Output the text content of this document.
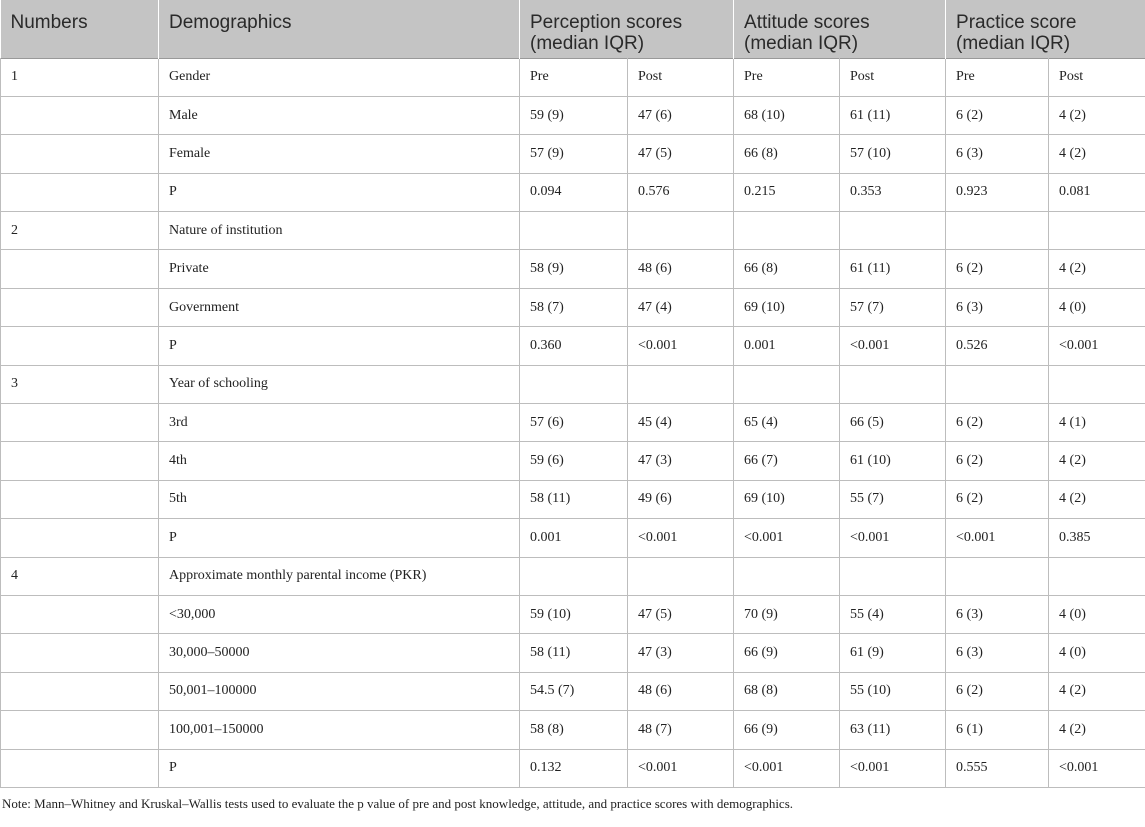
Numbers	Demographics	Perception scores (median IQR)		Attitude scores (median IQR)		Practice score (median IQR)	
1	Gender	Pre	Post	Pre	Post	Pre	Post
	Male	59 (9)	47 (6)	68 (10)	61 (11)	6 (2)	4 (2)
	Female	57 (9)	47 (5)	66 (8)	57 (10)	6 (3)	4 (2)
	P	0.094	0.576	0.215	0.353	0.923	0.081
2	Nature of institution						
	Private	58 (9)	48 (6)	66 (8)	61 (11)	6 (2)	4 (2)
	Government	58 (7)	47 (4)	69 (10)	57 (7)	6 (3)	4 (0)
	P	0.360	<0.001	0.001	<0.001	0.526	<0.001
3	Year of schooling						
	3rd	57 (6)	45 (4)	65 (4)	66 (5)	6 (2)	4 (1)
	4th	59 (6)	47 (3)	66 (7)	61 (10)	6 (2)	4 (2)
	5th	58 (11)	49 (6)	69 (10)	55 (7)	6 (2)	4 (2)
	P	0.001	<0.001	<0.001	<0.001	<0.001	0.385
4	Approximate monthly parental income (PKR)						
	<30,000	59 (10)	47 (5)	70 (9)	55 (4)	6 (3)	4 (0)
	30,000–50000	58 (11)	47 (3)	66 (9)	61 (9)	6 (3)	4 (0)
	50,001–100000	54.5 (7)	48 (6)	68 (8)	55 (10)	6 (2)	4 (2)
	100,001–150000	58 (8)	48 (7)	66 (9)	63 (11)	6 (1)	4 (2)
	P	0.132	<0.001	<0.001	<0.001	0.555	<0.001
Note: Mann–Whitney and Kruskal–Wallis tests used to evaluate the p value of pre and post knowledge, attitude, and practice scores with demographics.
